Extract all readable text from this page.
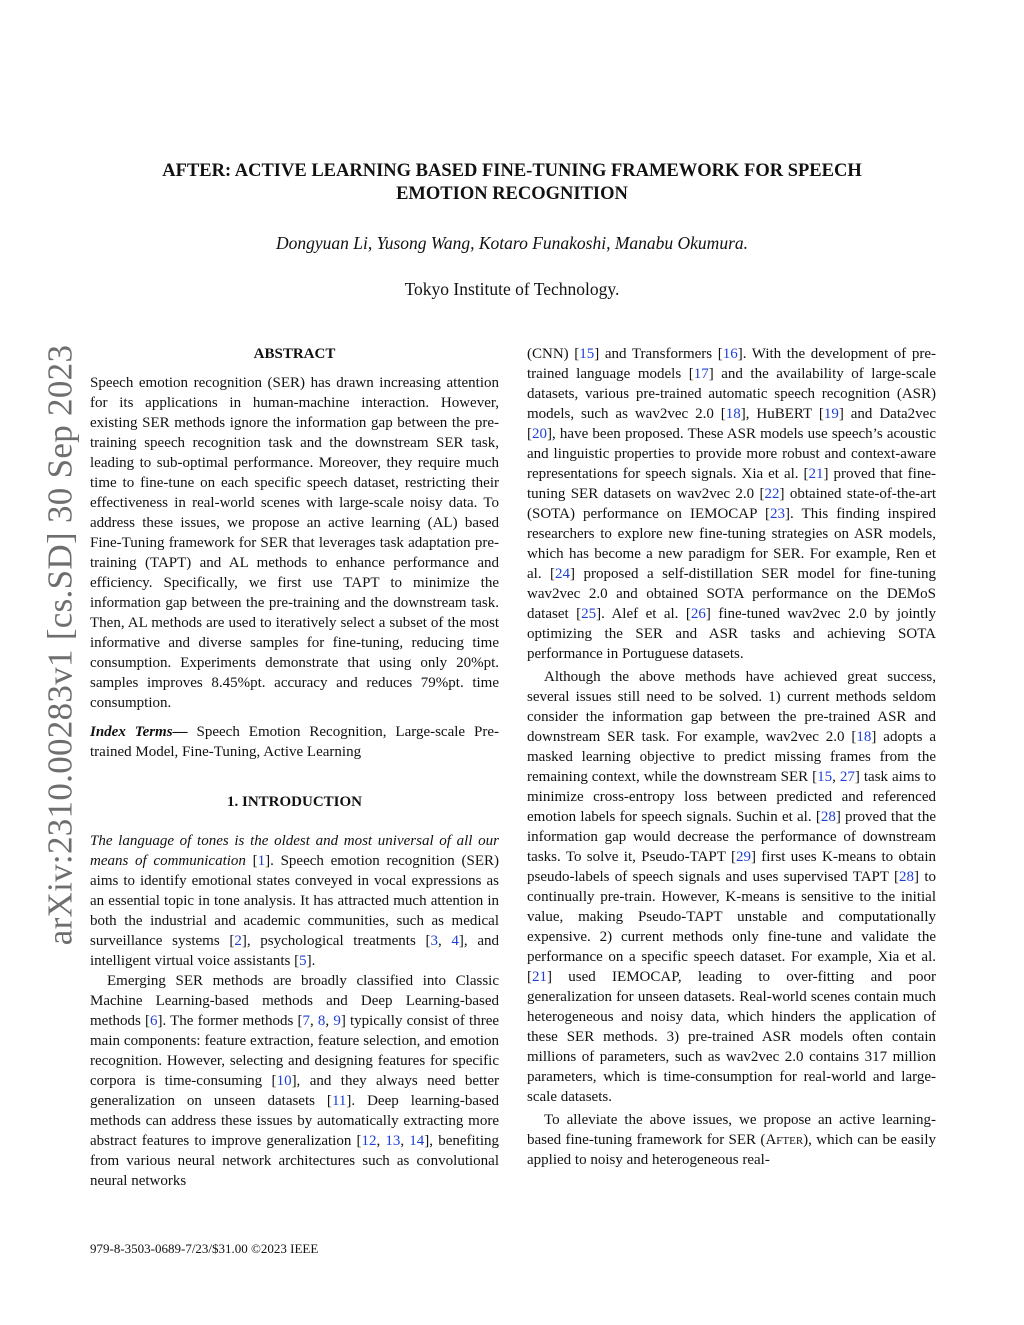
arXiv:2310.00283v1 [cs.SD] 30 Sep 2023
AFTER: ACTIVE LEARNING BASED FINE-TUNING FRAMEWORK FOR SPEECH
EMOTION RECOGNITION
Dongyuan Li, Yusong Wang, Kotaro Funakoshi, Manabu Okumura.
Tokyo Institute of Technology.
ABSTRACT

Speech emotion recognition (SER) has drawn increasing attention for its applications in human-machine interaction. However, existing SER methods ignore the information gap between the pre-training speech recognition task and the downstream SER task, leading to sub-optimal performance. Moreover, they require much time to fine-tune on each specific speech dataset, restricting their effectiveness in real-world scenes with large-scale noisy data. To address these issues, we propose an active learning (AL) based Fine-Tuning framework for SER that leverages task adaptation pre-training (TAPT) and AL methods to enhance performance and efficiency. Specifically, we first use TAPT to minimize the information gap between the pre-training and the downstream task. Then, AL methods are used to iteratively select a subset of the most informative and diverse samples for fine-tuning, reducing time consumption. Experiments demonstrate that using only 20%pt. samples improves 8.45%pt. accuracy and reduces 79%pt. time consumption.

Index Terms— Speech Emotion Recognition, Large-scale Pre-trained Model, Fine-Tuning, Active Learning

1. INTRODUCTION

The language of tones is the oldest and most universal of all our means of communication [1]. Speech emotion recognition (SER) aims to identify emotional states conveyed in vocal expressions as an essential topic in tone analysis. It has attracted much attention in both the industrial and academic communities, such as medical surveillance systems [2], psychological treatments [3, 4], and intelligent virtual voice assistants [5].

Emerging SER methods are broadly classified into Classic Machine Learning-based methods and Deep Learning-based methods [6]. The former methods [7, 8, 9] typically consist of three main components: feature extraction, feature selection, and emotion recognition. However, selecting and designing features for specific corpora is time-consuming [10], and they always need better generalization on unseen datasets [11]. Deep learning-based methods can address these issues by automatically extracting more abstract features to improve generalization [12, 13, 14], benefiting from various neural network architectures such as convolutional neural networks

(CNN) [15] and Transformers [16]. With the development of pre-trained language models [17] and the availability of large-scale datasets, various pre-trained automatic speech recognition (ASR) models, such as wav2vec 2.0 [18], HuBERT [19] and Data2vec [20], have been proposed. These ASR models use speech’s acoustic and linguistic properties to provide more robust and context-aware representations for speech signals. Xia et al. [21] proved that fine-tuning SER datasets on wav2vec 2.0 [22] obtained state-of-the-art (SOTA) performance on IEMOCAP [23]. This finding inspired researchers to explore new fine-tuning strategies on ASR models, which has become a new paradigm for SER. For example, Ren et al. [24] proposed a self-distillation SER model for fine-tuning wav2vec 2.0 and obtained SOTA performance on the DEMoS dataset [25]. Alef et al. [26] fine-tuned wav2vec 2.0 by jointly optimizing the SER and ASR tasks and achieving SOTA performance in Portuguese datasets.

Although the above methods have achieved great success, several issues still need to be solved. 1) current methods seldom consider the information gap between the pre-trained ASR and downstream SER task. For example, wav2vec 2.0 [18] adopts a masked learning objective to predict missing frames from the remaining context, while the downstream SER [15, 27] task aims to minimize cross-entropy loss between predicted and referenced emotion labels for speech signals. Suchin et al. [28] proved that the information gap would decrease the performance of downstream tasks. To solve it, Pseudo-TAPT [29] first uses K-means to obtain pseudo-labels of speech signals and uses supervised TAPT [28] to continually pre-train. However, K-means is sensitive to the initial value, making Pseudo-TAPT unstable and computationally expensive. 2) current methods only fine-tune and validate the performance on a specific speech dataset. For example, Xia et al. [21] used IEMOCAP, leading to over-fitting and poor generalization for unseen datasets. Real-world scenes contain much heterogeneous and noisy data, which hinders the application of these SER methods. 3) pre-trained ASR models often contain millions of parameters, such as wav2vec 2.0 contains 317 million parameters, which is time-consumption for real-world and large-scale datasets.

To alleviate the above issues, we propose an active learning-based fine-tuning framework for SER (After), which can be easily applied to noisy and heterogeneous real-

979-8-3503-0689-7/23/$31.00 ©2023 IEEE
